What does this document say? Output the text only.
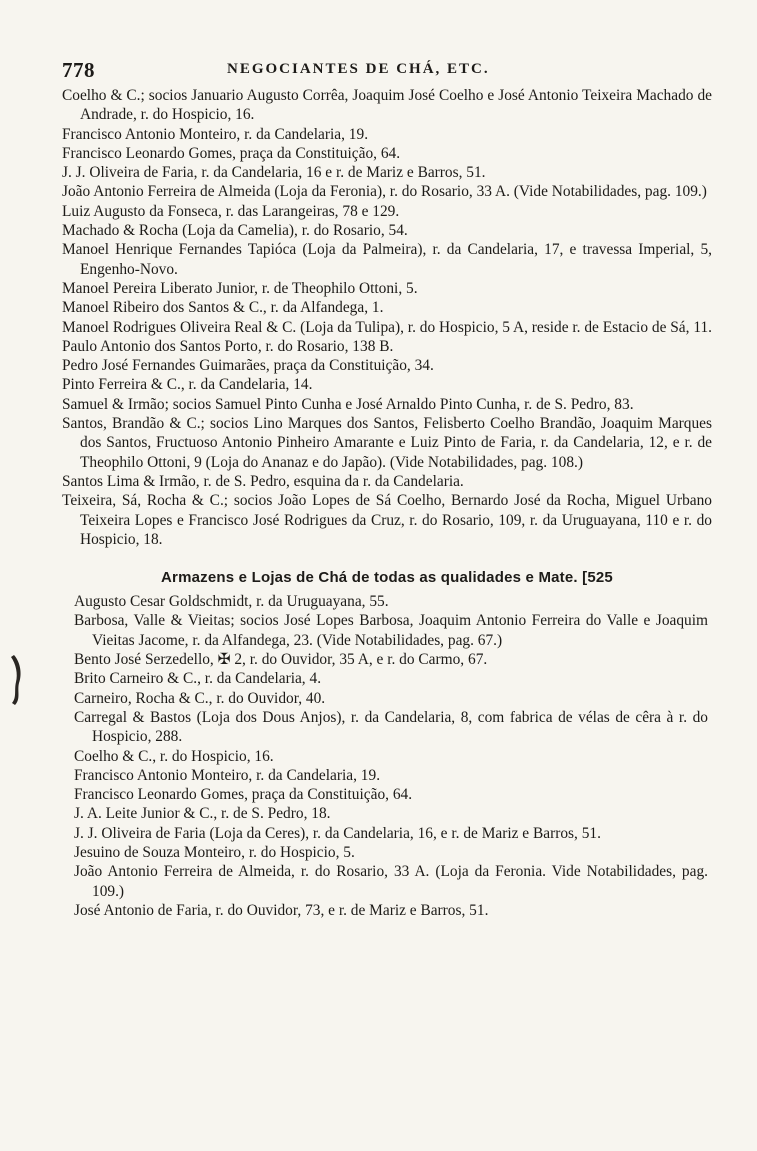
778	NEGOCIANTES DE CHÁ, ETC.
Coelho & C.; socios Januario Augusto Corrêa, Joaquim José Coelho e José Antonio Teixeira Machado de Andrade, r. do Hospicio, 16.
Francisco Antonio Monteiro, r. da Candelaria, 19.
Francisco Leonardo Gomes, praça da Constituição, 64.
J. J. Oliveira de Faria, r. da Candelaria, 16 e r. de Mariz e Barros, 51.
João Antonio Ferreira de Almeida (Loja da Feronia), r. do Rosario, 33 A. (Vide Notabilidades, pag. 109.)
Luiz Augusto da Fonseca, r. das Larangeiras, 78 e 129.
Machado & Rocha (Loja da Camelia), r. do Rosario, 54.
Manoel Henrique Fernandes Tapióca (Loja da Palmeira), r. da Candelaria, 17, e travessa Imperial, 5, Engenho-Novo.
Manoel Pereira Liberato Junior, r. de Theophilo Ottoni, 5.
Manoel Ribeiro dos Santos & C., r. da Alfandega, 1.
Manoel Rodrigues Oliveira Real & C. (Loja da Tulipa), r. do Hospicio, 5 A, reside r. de Estacio de Sá, 11.
Paulo Antonio dos Santos Porto, r. do Rosario, 138 B.
Pedro José Fernandes Guimarães, praça da Constituição, 34.
Pinto Ferreira & C., r. da Candelaria, 14.
Samuel & Irmão; socios Samuel Pinto Cunha e José Arnaldo Pinto Cunha, r. de S. Pedro, 83.
Santos, Brandão & C.; socios Lino Marques dos Santos, Felisberto Coelho Brandão, Joaquim Marques dos Santos, Fructuoso Antonio Pinheiro Amarante e Luiz Pinto de Faria, r. da Candelaria, 12, e r. de Theophilo Ottoni, 9 (Loja do Ananaz e do Japão). (Vide Notabilidades, pag. 108.)
Santos Lima & Irmão, r. de S. Pedro, esquina da r. da Candelaria.
Teixeira, Sá, Rocha & C.; socios João Lopes de Sá Coelho, Bernardo José da Rocha, Miguel Urbano Teixeira Lopes e Francisco José Rodrigues da Cruz, r. do Rosario, 109, r. da Uruguayana, 110 e r. do Hospicio, 18.
Armazens e Lojas de Chá de todas as qualidades e Mate. [525
Augusto Cesar Goldschmidt, r. da Uruguayana, 55.
Barbosa, Valle & Vieitas; socios José Lopes Barbosa, Joaquim Antonio Ferreira do Valle e Joaquim Vieitas Jacome, r. da Alfandega, 23. (Vide Notabilidades, pag. 67.)
Bento José Serzedello, ✠ 2, r. do Ouvidor, 35 A, e r. do Carmo, 67.
Brito Carneiro & C., r. da Candelaria, 4.
Carneiro, Rocha & C., r. do Ouvidor, 40.
Carregal & Bastos (Loja dos Dous Anjos), r. da Candelaria, 8, com fabrica de vélas de cêra à r. do Hospicio, 288.
Coelho & C., r. do Hospicio, 16.
Francisco Antonio Monteiro, r. da Candelaria, 19.
Francisco Leonardo Gomes, praça da Constituição, 64.
J. A. Leite Junior & C., r. de S. Pedro, 18.
J. J. Oliveira de Faria (Loja da Ceres), r. da Candelaria, 16, e r. de Mariz e Barros, 51.
Jesuino de Souza Monteiro, r. do Hospicio, 5.
João Antonio Ferreira de Almeida, r. do Rosario, 33 A. (Loja da Feronia. Vide Notabilidades, pag. 109.)
José Antonio de Faria, r. do Ouvidor, 73, e r. de Mariz e Barros, 51.
